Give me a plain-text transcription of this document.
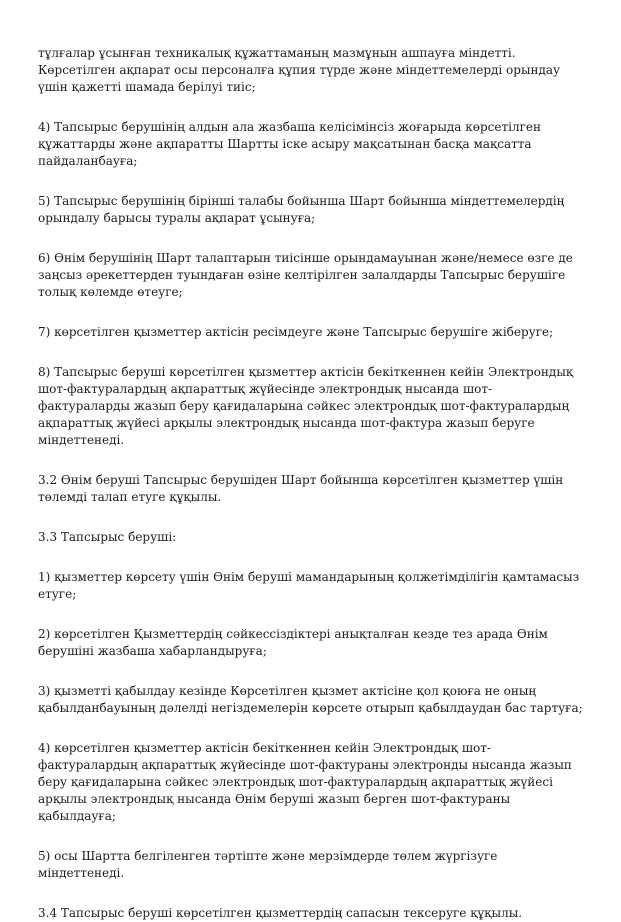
тұлғалар ұсынған техникалық құжаттаманың мазмұнын ашпауға міндетті. Көрсетілген ақпарат осы персоналға құпия түрде және міндеттемелерді орындау үшін қажетті шамада берілуі тиіс;

4) Тапсырыс берушінің алдын ала жазбаша келісімінсіз жоғарыда көрсетілген құжаттарды және ақпаратты Шартты іске асыру мақсатынан басқа мақсатта пайдаланбауға;

5) Тапсырыс берушінің бірінші талабы бойынша Шарт бойынша міндеттемелердің орындалу барысы туралы ақпарат ұсынуға;

6) Өнім берушінің Шарт талаптарын тиісінше орындамауынан және/немесе өзге де заңсыз әрекеттерден туындаған өзіне келтірілген залалдарды Тапсырыс берушіге толық көлемде өтеуге;

7) көрсетілген қызметтер актісін ресімдеуге және Тапсырыс берушіге жіберуге;

8) Тапсырыс беруші көрсетілген қызметтер актісін бекіткеннен кейін Электрондық шот-фактуралардың ақпараттық жүйесінде электрондық нысанда шот-фактураларды жазып беру қағидаларына сәйкес электрондық шот-фактуралардың ақпараттық жүйесі арқылы электрондық нысанда шот-фактура жазып беруге міндеттенеді.

3.2 Өнім беруші Тапсырыс берушіден Шарт бойынша көрсетілген қызметтер үшін төлемді талап етуге құқылы.

3.3 Тапсырыс беруші:

1) қызметтер көрсету үшін Өнім беруші мамандарының қолжетімділігін қамтамасыз етуге;

2) көрсетілген Қызметтердің сәйкессіздіктері анықталған кезде тез арада Өнім берушіні жазбаша хабарландыруға;

3) қызметті қабылдау кезінде Көрсетілген қызмет актісіне қол қоюға не оның қабылданбауының дәлелді негіздемелерін көрсете отырып қабылдаудан бас тартуға;

4) көрсетілген қызметтер актісін бекіткеннен кейін Электрондық шот-фактуралардың ақпараттық жүйесінде шот-фактураны электронды нысанда жазып беру қағидаларына сәйкес электрондық шот-фактуралардың ақпараттық жүйесі арқылы электрондық нысанда Өнім беруші жазып берген шот-фактураны қабылдауға;

5) осы Шартта белгіленген тәртіпте және мерзімдерде төлем жүргізуге міндеттенеді.

3.4 Тапсырыс беруші көрсетілген қызметтердің сапасын тексеруге құқылы.
